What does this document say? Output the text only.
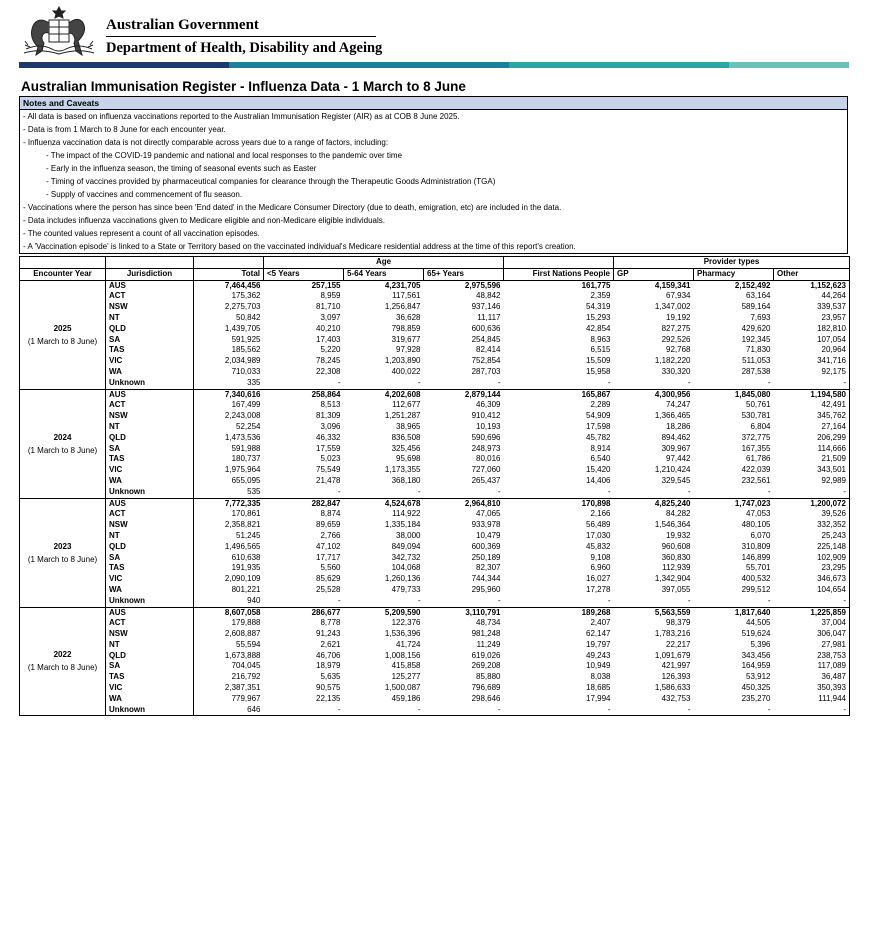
Australian Government
Department of Health, Disability and Ageing
Australian Immunisation Register - Influenza Data - 1 March to 8 June
Notes and Caveats
- All data is based on influenza vaccinations reported to the Australian Immunisation Register (AIR) as at COB 8 June 2025.
- Data is from 1 March to 8 June for each encounter year.
- Influenza vaccination data is not directly comparable across years due to a range of factors, including:
- The impact of the COVID-19 pandemic and national and local responses to the pandemic over time
- Early in the influenza season, the timing of seasonal events such as Easter
- Timing of vaccines provided by pharmaceutical companies for clearance through the Therapeutic Goods Administration (TGA)
- Supply of vaccines and commencement of flu season.
- Vaccinations where the person has since been 'End dated' in the Medicare Consumer Directory (due to death, emigration, etc) are included in the data.
- Data includes influenza vaccinations given to Medicare eligible and non-Medicare eligible individuals.
- The counted values represent a count of all vaccination episodes.
- A 'Vaccination episode' is linked to a State or Territory based on the vaccinated individual's Medicare residential address at the time of this report's creation.
			Age				Provider types		
Encounter Year	Jurisdiction	Total	<5 Years	5-64 Years	65+ Years	First Nations People	GP	Pharmacy	Other

2025
(1 March to 8 June)	AUS	7,464,456	257,155	4,231,705	2,975,596	161,775	4,159,341	2,152,492	1,152,623
	ACT	175,362	8,959	117,561	48,842	2,359	67,934	63,164	44,264
	NSW	2,275,703	81,710	1,256,847	937,146	54,319	1,347,002	589,164	339,537
	NT	50,842	3,097	36,628	11,117	15,293	19,192	7,693	23,957
	QLD	1,439,705	40,210	798,859	600,636	42,854	827,275	429,620	182,810
	SA	591,925	17,403	319,677	254,845	8,963	292,526	192,345	107,054
	TAS	185,562	5,220	97,928	82,414	6,515	92,768	71,830	20,964
	VIC	2,034,989	78,245	1,203,890	752,854	15,509	1,182,220	511,053	341,716
	WA	710,033	22,308	400,022	287,703	15,958	330,320	287,538	92,175
	Unknown	335	-	-	-	-	-	-	-

2024
(1 March to 8 June)	AUS	7,340,616	258,864	4,202,608	2,879,144	165,867	4,300,956	1,845,080	1,194,580
	ACT	167,499	8,513	112,677	46,309	2,289	74,247	50,761	42,491
	NSW	2,243,008	81,309	1,251,287	910,412	54,909	1,366,465	530,781	345,762
	NT	52,254	3,096	38,965	10,193	17,598	18,286	6,804	27,164
	QLD	1,473,536	46,332	836,508	590,696	45,782	894,462	372,775	206,299
	SA	591,988	17,559	325,456	248,973	8,914	309,967	167,355	114,666
	TAS	180,737	5,023	95,698	80,016	6,540	97,442	61,786	21,509
	VIC	1,975,964	75,549	1,173,355	727,060	15,420	1,210,424	422,039	343,501
	WA	655,095	21,478	368,180	265,437	14,406	329,545	232,561	92,989
	Unknown	535	-	-	-	-	-	-	-

2023
(1 March to 8 June)	AUS	7,772,335	282,847	4,524,678	2,964,810	170,898	4,825,240	1,747,023	1,200,072
	ACT	170,861	8,874	114,922	47,065	2,166	84,282	47,053	39,526
	NSW	2,358,821	89,659	1,335,184	933,978	56,489	1,546,364	480,105	332,352
	NT	51,245	2,766	38,000	10,479	17,030	19,932	6,070	25,243
	QLD	1,496,565	47,102	849,094	600,369	45,832	960,608	310,809	225,148
	SA	610,638	17,717	342,732	250,189	9,108	360,830	146,899	102,909
	TAS	191,935	5,560	104,068	82,307	6,960	112,939	55,701	23,295
	VIC	2,090,109	85,629	1,260,136	744,344	16,027	1,342,904	400,532	346,673
	WA	801,221	25,528	479,733	295,960	17,278	397,055	299,512	104,654
	Unknown	940	-	-	-	-	-	-	-

2022
(1 March to 8 June)	AUS	8,607,058	286,677	5,209,590	3,110,791	189,268	5,563,559	1,817,640	1,225,859
	ACT	179,888	8,778	122,376	48,734	2,407	98,379	44,505	37,004
	NSW	2,608,887	91,243	1,536,396	981,248	62,147	1,783,216	519,624	306,047
	NT	55,594	2,621	41,724	11,249	19,797	22,217	5,396	27,981
	QLD	1,673,888	46,706	1,008,156	619,026	49,243	1,091,679	343,456	238,753
	SA	704,045	18,979	415,858	269,208	10,949	421,997	164,959	117,089
	TAS	216,792	5,635	125,277	85,880	8,038	126,393	53,912	36,487
	VIC	2,387,351	90,575	1,500,087	796,689	18,685	1,586,633	450,325	350,393
	WA	779,967	22,135	459,186	298,646	17,994	432,753	235,270	111,944
	Unknown	646	-	-	-	-	-	-	-
